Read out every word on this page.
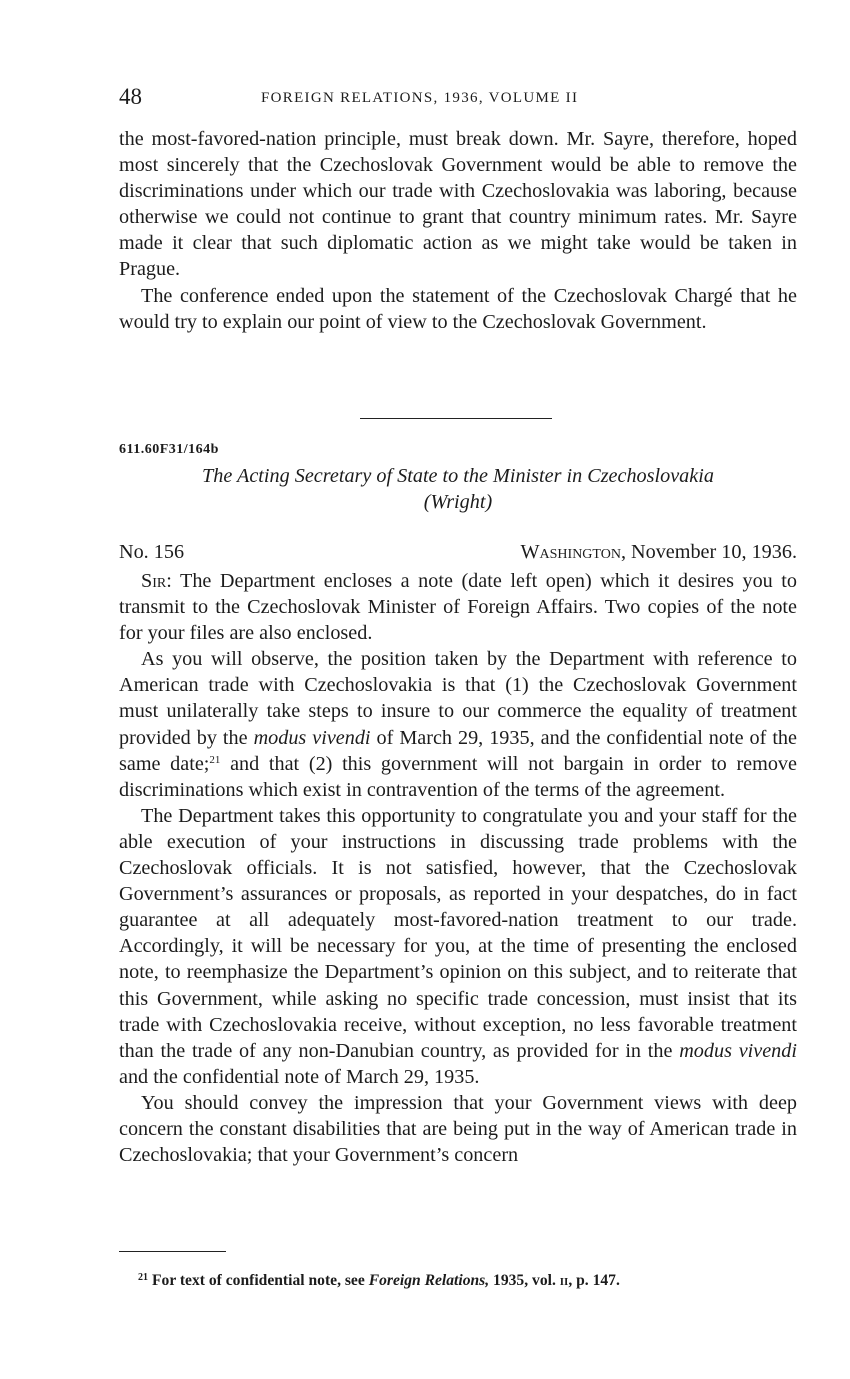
48	FOREIGN RELATIONS, 1936, VOLUME II

the most-favored-nation principle, must break down. Mr. Sayre, therefore, hoped most sincerely that the Czechoslovak Government would be able to remove the discriminations under which our trade with Czechoslovakia was laboring, because otherwise we could not continue to grant that country minimum rates. Mr. Sayre made it clear that such diplomatic action as we might take would be taken in Prague.

The conference ended upon the statement of the Czechoslovak Chargé that he would try to explain our point of view to the Czechoslovak Government.

611.60F31/164b
The Acting Secretary of State to the Minister in Czechoslovakia
(Wright)
No. 156	Washington, November 10, 1936.

Sir: The Department encloses a note (date left open) which it desires you to transmit to the Czechoslovak Minister of Foreign Affairs. Two copies of the note for your files are also enclosed.

As you will observe, the position taken by the Department with reference to American trade with Czechoslovakia is that (1) the Czechoslovak Government must unilaterally take steps to insure to our commerce the equality of treatment provided by the modus vivendi of March 29, 1935, and the confidential note of the same date;$^{21}$ and that (2) this government will not bargain in order to remove discriminations which exist in contravention of the terms of the agreement.

The Department takes this opportunity to congratulate you and your staff for the able execution of your instructions in discussing trade problems with the Czechoslovak officials. It is not satisfied, however, that the Czechoslovak Government’s assurances or proposals, as reported in your despatches, do in fact guarantee at all adequately most-favored-nation treatment to our trade. Accordingly, it will be necessary for you, at the time of presenting the enclosed note, to reemphasize the Department’s opinion on this subject, and to reiterate that this Government, while asking no specific trade concession, must insist that its trade with Czechoslovakia receive, without exception, no less favorable treatment than the trade of any non-Danubian country, as provided for in the modus vivendi and the confidential note of March 29, 1935.

You should convey the impression that your Government views with deep concern the constant disabilities that are being put in the way of American trade in Czechoslovakia; that your Government’s concern

$^{21}$ For text of confidential note, see Foreign Relations, 1935, vol. ii, p. 147.
